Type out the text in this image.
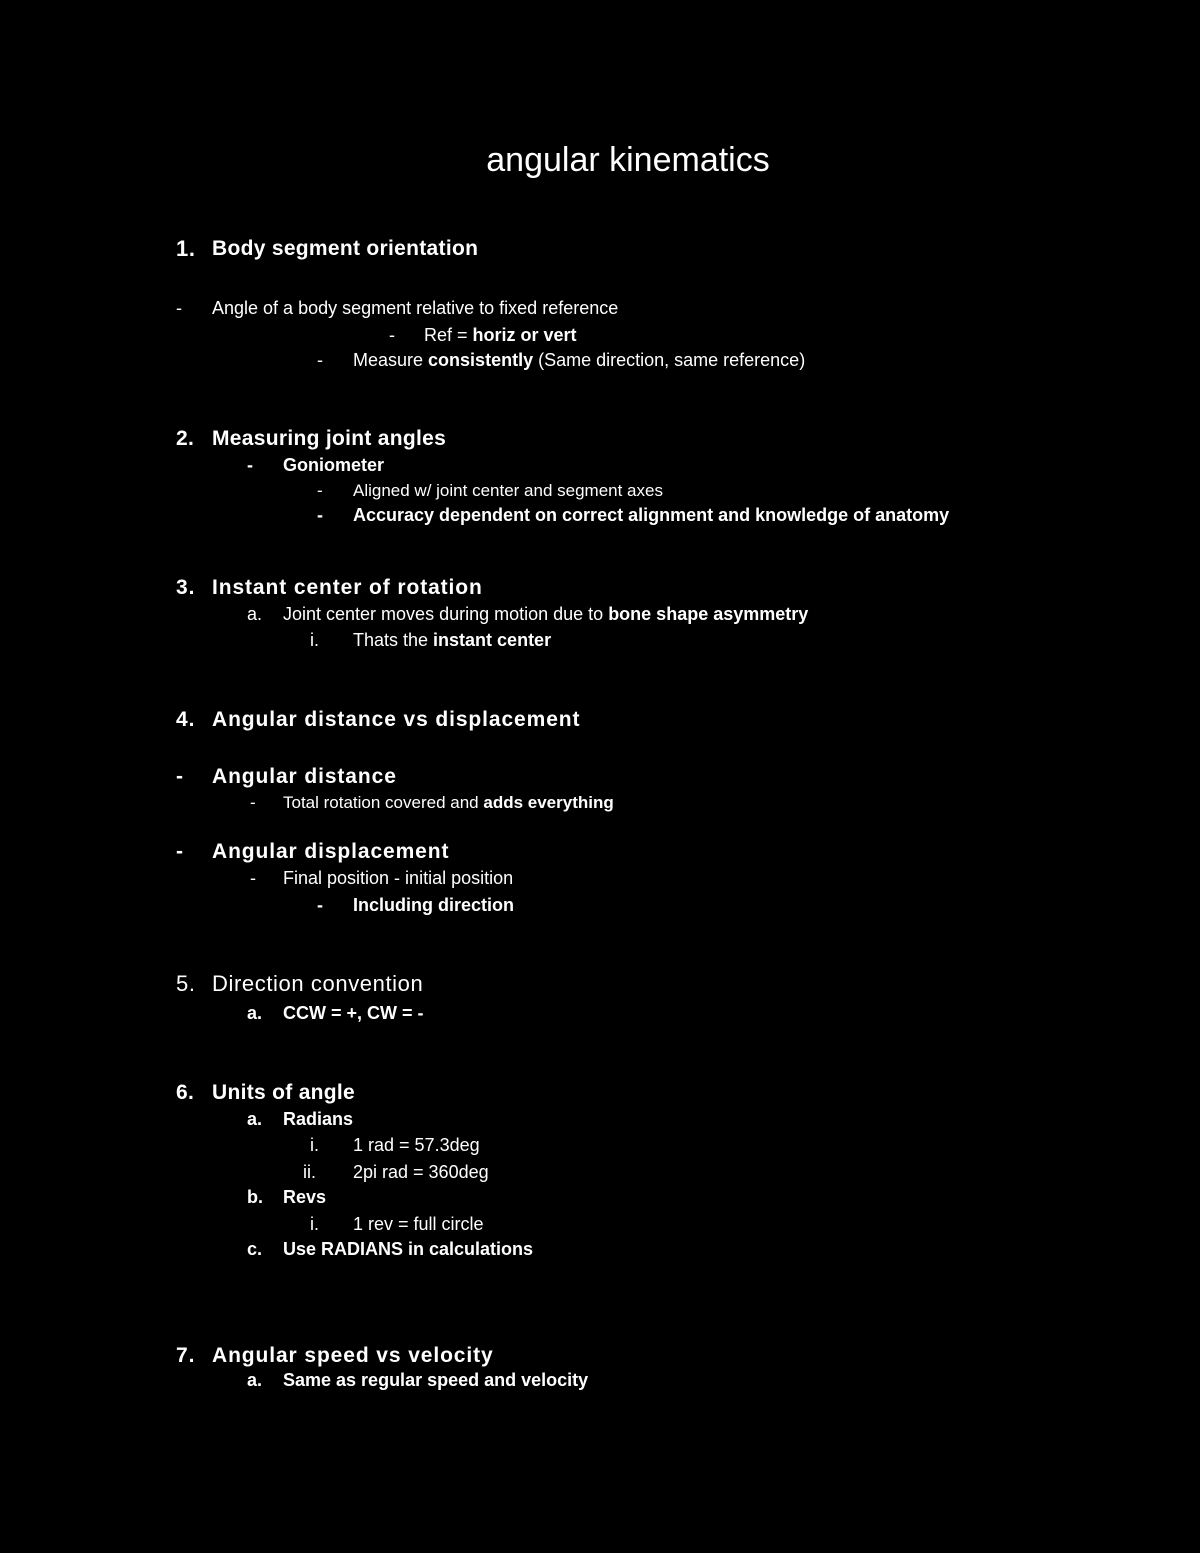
angular kinematics
1. Body segment orientation
- Angle of a body segment relative to fixed reference
- Ref = horiz or vert
- Measure consistently (Same direction, same reference)
2. Measuring joint angles
- Goniometer
- Aligned w/ joint center and segment axes
- Accuracy dependent on correct alignment and knowledge of anatomy
3. Instant center of rotation
a. Joint center moves during motion due to bone shape asymmetry
i. Thats the instant center
4. Angular distance vs displacement
- Angular distance
- Total rotation covered and adds everything
- Angular displacement
- Final position - initial position
- Including direction
5. Direction convention
a. CCW = +, CW = -
6. Units of angle
a. Radians
i. 1 rad = 57.3deg
ii. 2pi rad = 360deg
b. Revs
i. 1 rev = full circle
c. Use RADIANS in calculations
7. Angular speed vs velocity
a. Same as regular speed and velocity
